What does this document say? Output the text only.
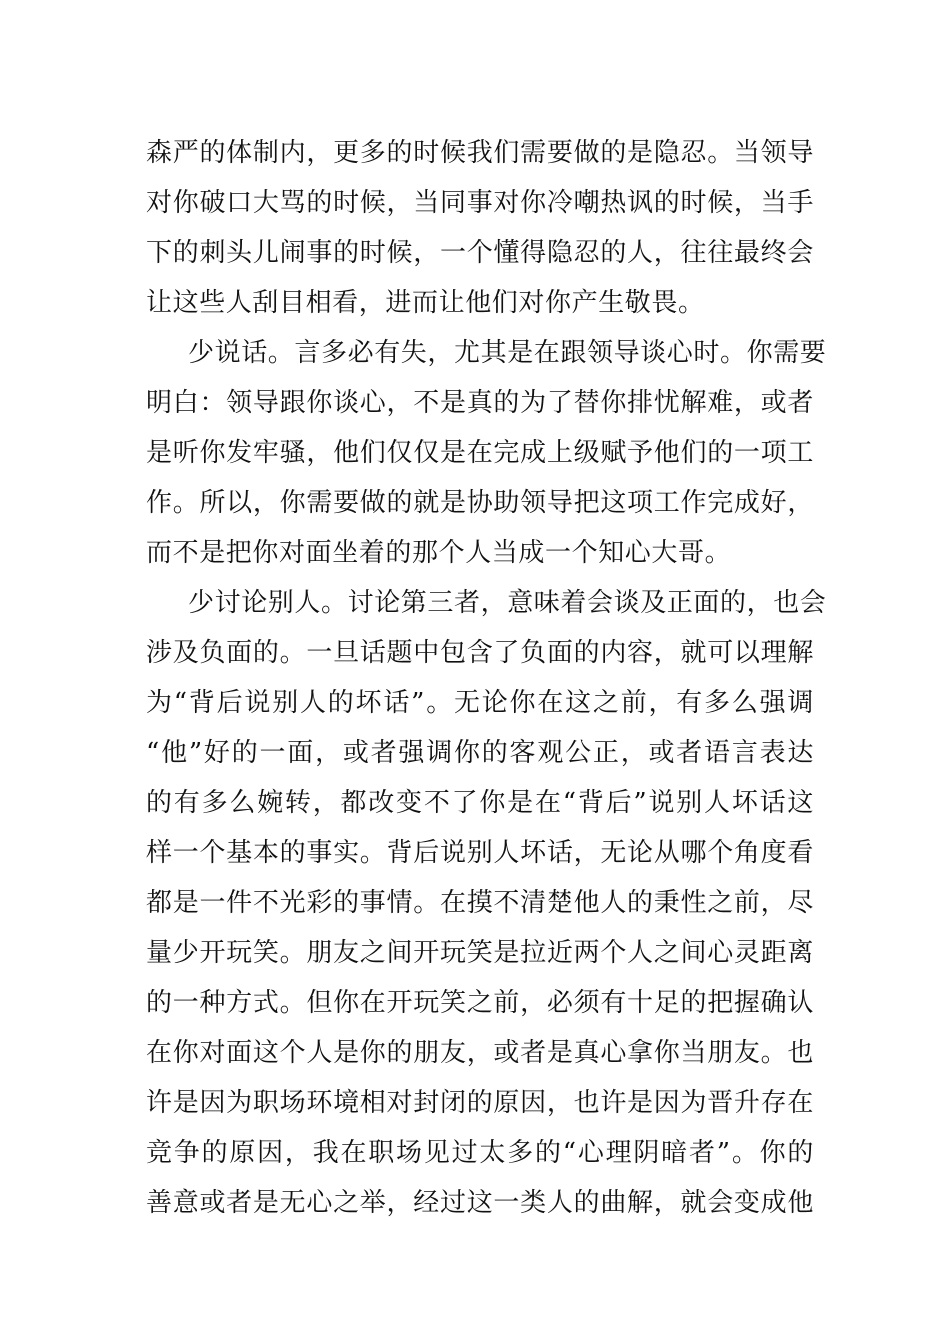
森严的体制内，更多的时候我们需要做的是隐忍。当领导
对你破口大骂的时候，当同事对你冷嘲热讽的时候，当手
下的刺头儿闹事的时候，一个懂得隐忍的人，往往最终会
让这些人刮目相看，进而让他们对你产生敬畏。
少说话。言多必有失，尤其是在跟领导谈心时。你需要
明白：领导跟你谈心，不是真的为了替你排忧解难，或者
是听你发牢骚，他们仅仅是在完成上级赋予他们的一项工
作。所以，你需要做的就是协助领导把这项工作完成好，
而不是把你对面坐着的那个人当成一个知心大哥。
少讨论别人。讨论第三者，意味着会谈及正面的，也会
涉及负面的。一旦话题中包含了负面的内容，就可以理解
为“背后说别人的坏话”。无论你在这之前，有多么强调
“他”好的一面，或者强调你的客观公正，或者语言表达
的有多么婉转，都改变不了你是在“背后”说别人坏话这
样一个基本的事实。背后说别人坏话，无论从哪个角度看
都是一件不光彩的事情。在摸不清楚他人的秉性之前，尽
量少开玩笑。朋友之间开玩笑是拉近两个人之间心灵距离
的一种方式。但你在开玩笑之前，必须有十足的把握确认
在你对面这个人是你的朋友，或者是真心拿你当朋友。也
许是因为职场环境相对封闭的原因，也许是因为晋升存在
竞争的原因，我在职场见过太多的“心理阴暗者”。你的
善意或者是无心之举，经过这一类人的曲解，就会变成他
